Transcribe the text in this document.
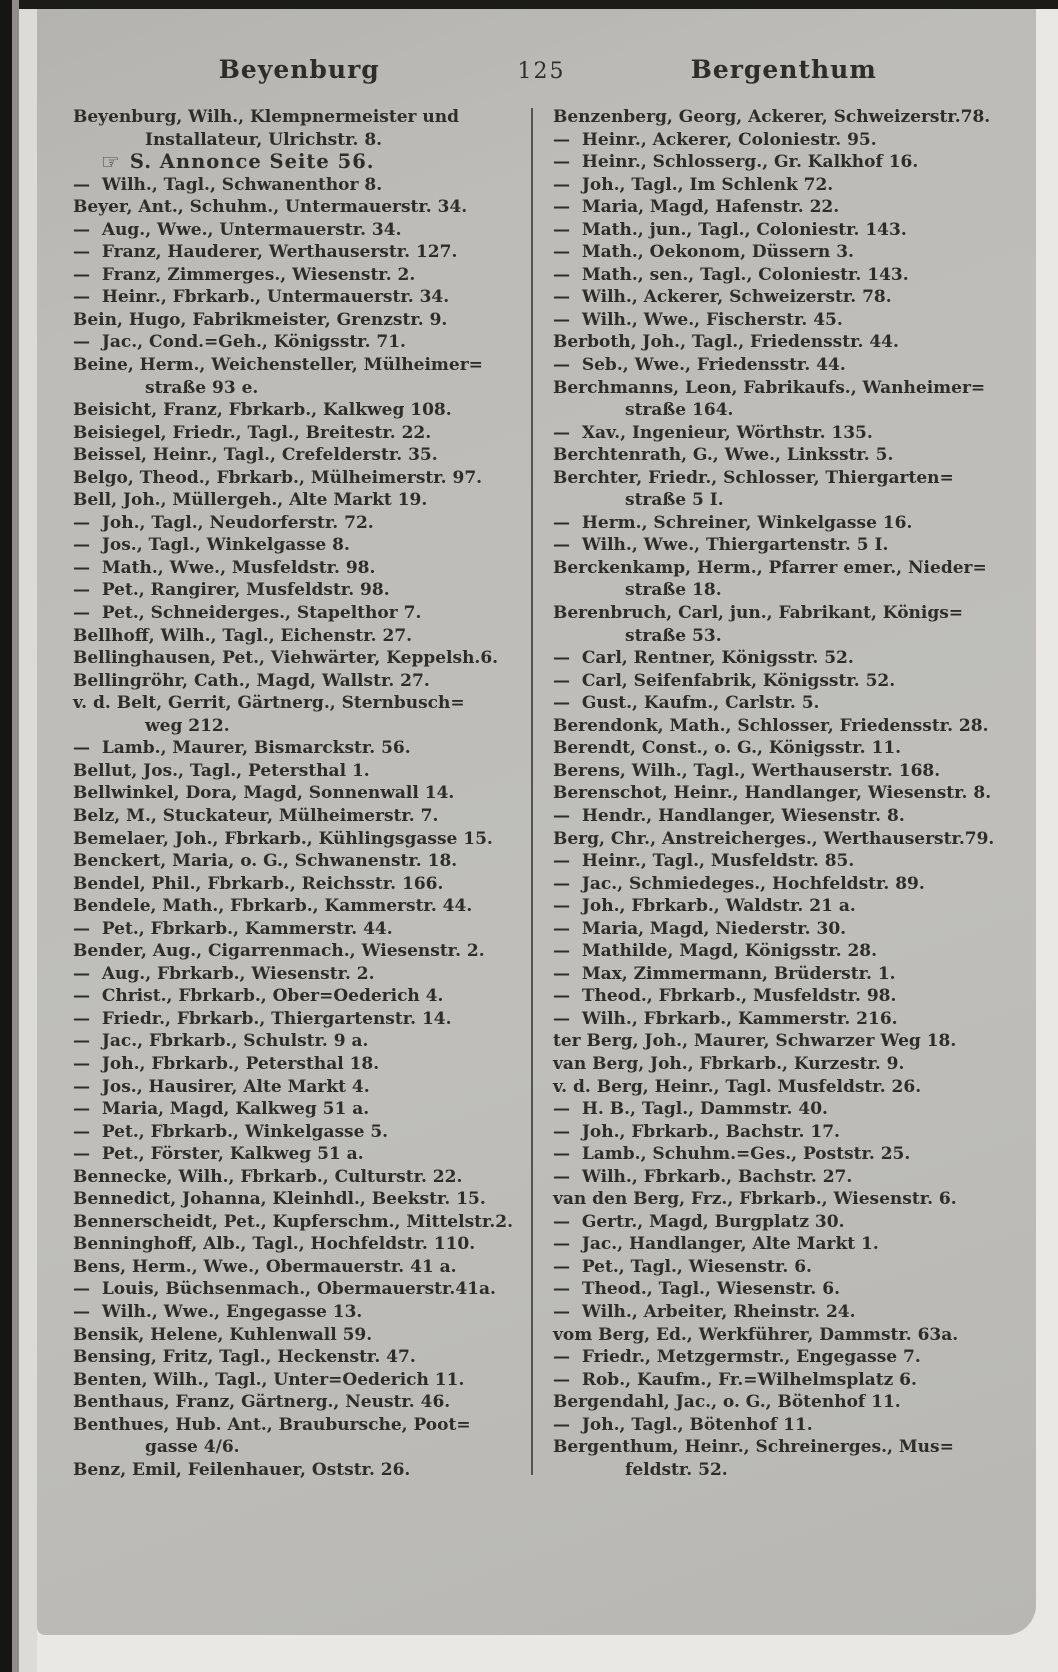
Beyenburg	125	Bergenthum
Beyenburg, Wilh., Klempnermeister und
Installateur, Ulrichstr. 8.
☞ S. Annonce Seite 56.
—  Wilh., Tagl., Schwanenthor 8.
Beyer, Ant., Schuhm., Untermauerstr. 34.
—  Aug., Wwe., Untermauerstr. 34.
—  Franz, Hauderer, Werthauserstr. 127.
—  Franz, Zimmerges., Wiesenstr. 2.
—  Heinr., Fbrkarb., Untermauerstr. 34.
Bein, Hugo, Fabrikmeister, Grenzstr. 9.
—  Jac., Cond.=Geh., Königsstr. 71.
Beine, Herm., Weichensteller, Mülheimer=
straße 93 e.
Beisicht, Franz, Fbrkarb., Kalkweg 108.
Beisiegel, Friedr., Tagl., Breitestr. 22.
Beissel, Heinr., Tagl., Crefelderstr. 35.
Belgo, Theod., Fbrkarb., Mülheimerstr. 97.
Bell, Joh., Müllergeh., Alte Markt 19.
—  Joh., Tagl., Neudorferstr. 72.
—  Jos., Tagl., Winkelgasse 8.
—  Math., Wwe., Musfeldstr. 98.
—  Pet., Rangirer, Musfeldstr. 98.
—  Pet., Schneiderges., Stapelthor 7.
Bellhoff, Wilh., Tagl., Eichenstr. 27.
Bellinghausen, Pet., Viehwärter, Keppelsh.6.
Bellingröhr, Cath., Magd, Wallstr. 27.
v. d. Belt, Gerrit, Gärtnerg., Sternbusch=
weg 212.
—  Lamb., Maurer, Bismarckstr. 56.
Bellut, Jos., Tagl., Petersthal 1.
Bellwinkel, Dora, Magd, Sonnenwall 14.
Belz, M., Stuckateur, Mülheimerstr. 7.
Bemelaer, Joh., Fbrkarb., Kühlingsgasse 15.
Benckert, Maria, o. G., Schwanenstr. 18.
Bendel, Phil., Fbrkarb., Reichsstr. 166.
Bendele, Math., Fbrkarb., Kammerstr. 44.
—  Pet., Fbrkarb., Kammerstr. 44.
Bender, Aug., Cigarrenmach., Wiesenstr. 2.
—  Aug., Fbrkarb., Wiesenstr. 2.
—  Christ., Fbrkarb., Ober=Oederich 4.
—  Friedr., Fbrkarb., Thiergartenstr. 14.
—  Jac., Fbrkarb., Schulstr. 9 a.
—  Joh., Fbrkarb., Petersthal 18.
—  Jos., Hausirer, Alte Markt 4.
—  Maria, Magd, Kalkweg 51 a.
—  Pet., Fbrkarb., Winkelgasse 5.
—  Pet., Förster, Kalkweg 51 a.
Bennecke, Wilh., Fbrkarb., Culturstr. 22.
Bennedict, Johanna, Kleinhdl., Beekstr. 15.
Bennerscheidt, Pet., Kupferschm., Mittelstr.2.
Benninghoff, Alb., Tagl., Hochfeldstr. 110.
Bens, Herm., Wwe., Obermauerstr. 41 a.
—  Louis, Büchsenmach., Obermauerstr.41a.
—  Wilh., Wwe., Engegasse 13.
Bensik, Helene, Kuhlenwall 59.
Bensing, Fritz, Tagl., Heckenstr. 47.
Benten, Wilh., Tagl., Unter=Oederich 11.
Benthaus, Franz, Gärtnerg., Neustr. 46.
Benthues, Hub. Ant., Braubursche, Poot=
gasse 4/6.
Benz, Emil, Feilenhauer, Oststr. 26.
Benzenberg, Georg, Ackerer, Schweizerstr.78.
—  Heinr., Ackerer, Coloniestr. 95.
—  Heinr., Schlosserg., Gr. Kalkhof 16.
—  Joh., Tagl., Im Schlenk 72.
—  Maria, Magd, Hafenstr. 22.
—  Math., jun., Tagl., Coloniestr. 143.
—  Math., Oekonom, Düssern 3.
—  Math., sen., Tagl., Coloniestr. 143.
—  Wilh., Ackerer, Schweizerstr. 78.
—  Wilh., Wwe., Fischerstr. 45.
Berboth, Joh., Tagl., Friedensstr. 44.
—  Seb., Wwe., Friedensstr. 44.
Berchmanns, Leon, Fabrikaufs., Wanheimer=
straße 164.
—  Xav., Ingenieur, Wörthstr. 135.
Berchtenrath, G., Wwe., Linksstr. 5.
Berchter, Friedr., Schlosser, Thiergarten=
straße 5 I.
—  Herm., Schreiner, Winkelgasse 16.
—  Wilh., Wwe., Thiergartenstr. 5 I.
Berckenkamp, Herm., Pfarrer emer., Nieder=
straße 18.
Berenbruch, Carl, jun., Fabrikant, Königs=
straße 53.
—  Carl, Rentner, Königsstr. 52.
—  Carl, Seifenfabrik, Königsstr. 52.
—  Gust., Kaufm., Carlstr. 5.
Berendonk, Math., Schlosser, Friedensstr. 28.
Berendt, Const., o. G., Königsstr. 11.
Berens, Wilh., Tagl., Werthauserstr. 168.
Berenschot, Heinr., Handlanger, Wiesenstr. 8.
—  Hendr., Handlanger, Wiesenstr. 8.
Berg, Chr., Anstreicherges., Werthauserstr.79.
—  Heinr., Tagl., Musfeldstr. 85.
—  Jac., Schmiedeges., Hochfeldstr. 89.
—  Joh., Fbrkarb., Waldstr. 21 a.
—  Maria, Magd, Niederstr. 30.
—  Mathilde, Magd, Königsstr. 28.
—  Max, Zimmermann, Brüderstr. 1.
—  Theod., Fbrkarb., Musfeldstr. 98.
—  Wilh., Fbrkarb., Kammerstr. 216.
ter Berg, Joh., Maurer, Schwarzer Weg 18.
van Berg, Joh., Fbrkarb., Kurzestr. 9.
v. d. Berg, Heinr., Tagl. Musfeldstr. 26.
—  H. B., Tagl., Dammstr. 40.
—  Joh., Fbrkarb., Bachstr. 17.
—  Lamb., Schuhm.=Ges., Poststr. 25.
—  Wilh., Fbrkarb., Bachstr. 27.
van den Berg, Frz., Fbrkarb., Wiesenstr. 6.
—  Gertr., Magd, Burgplatz 30.
—  Jac., Handlanger, Alte Markt 1.
—  Pet., Tagl., Wiesenstr. 6.
—  Theod., Tagl., Wiesenstr. 6.
—  Wilh., Arbeiter, Rheinstr. 24.
vom Berg, Ed., Werkführer, Dammstr. 63a.
—  Friedr., Metzgermstr., Engegasse 7.
—  Rob., Kaufm., Fr.=Wilhelmsplatz 6.
Bergendahl, Jac., o. G., Bötenhof 11.
—  Joh., Tagl., Bötenhof 11.
Bergenthum, Heinr., Schreinerges., Mus=
feldstr. 52.
